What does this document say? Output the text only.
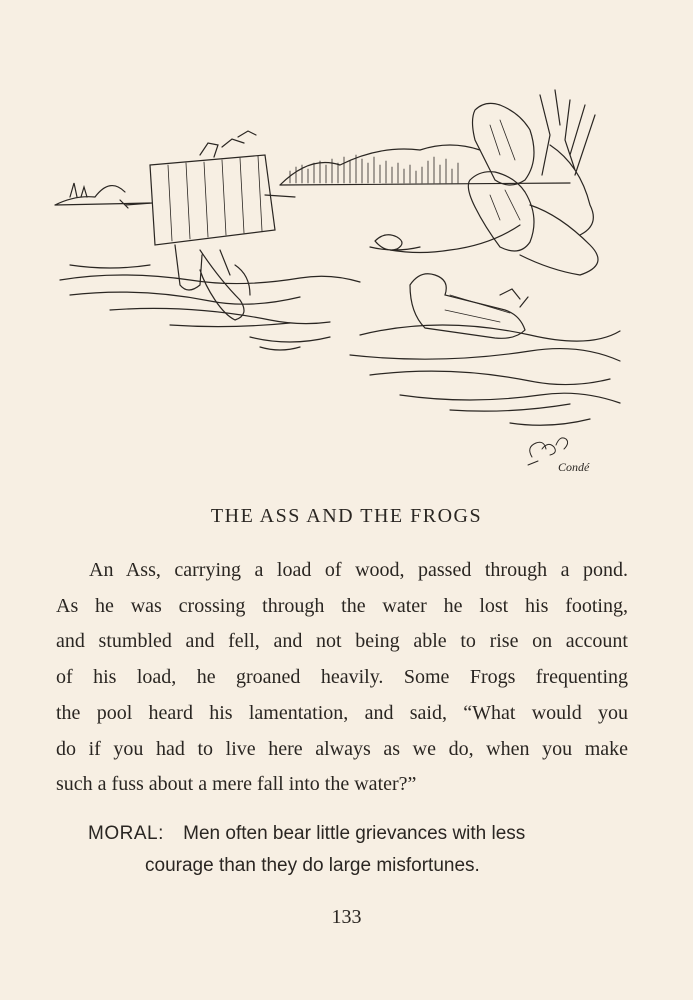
Condé
THE ASS AND THE FROGS

An Ass, carrying a load of wood, passed through a pond.
As he was crossing through the water he lost his footing,
and stumbled and fell, and not being able to rise on account
of his load, he groaned heavily. Some Frogs frequenting
the pool heard his lamentation, and said, “What would you
do if you had to live here always as we do, when you make
such a fuss about a mere fall into the water?”

MORAL: Men often bear little grievances with less
courage than they do large misfortunes.

133
